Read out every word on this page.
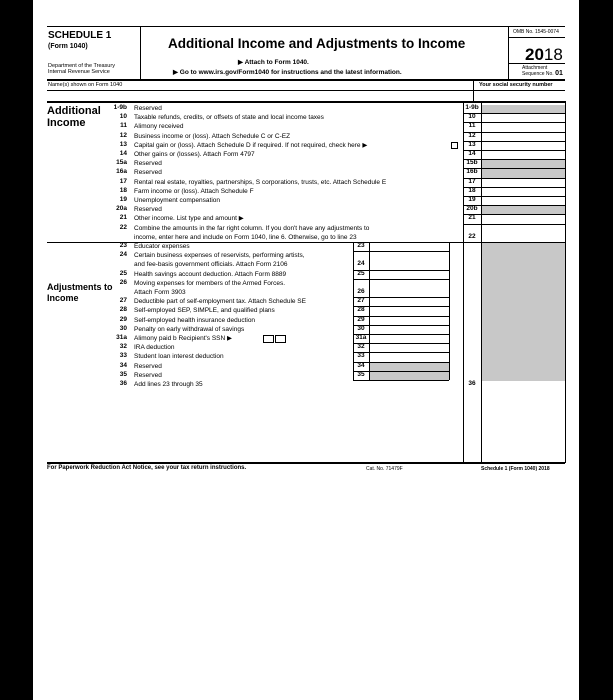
SCHEDULE 1
(Form 1040)
Department of the Treasury
Internal Revenue Service
Additional Income and Adjustments to Income
▶ Attach to Form 1040.
▶ Go to www.irs.gov/Form1040 for instructions and the latest information.
OMB No. 1545-0074
2018
Attachment
Sequence No. 01
Name(s) shown on Form 1040	Your social security number
Additional Income
Adjustments to Income
1-9b Reserved	1-9b
10 Taxable refunds, credits, or offsets of state and local income taxes	10
11 Alimony received	11
12 Business income or (loss). Attach Schedule C or C-EZ	12
13 Capital gain or (loss). Attach Schedule D if required. If not required, check here ▶	13
14 Other gains or (losses). Attach Form 4797	14
15a Reserved	15b
16a Reserved	16b
17 Rental real estate, royalties, partnerships, S corporations, trusts, etc. Attach Schedule E	17
18 Farm income or (loss). Attach Schedule F	18
19 Unemployment compensation	19
20a Reserved	20b
21 Other income. List type and amount ▶	21
22 Combine the amounts in the far right column. If you don't have any adjustments to
income, enter here and include on Form 1040, line 6. Otherwise, go to line 23	22
23 Educator expenses	23
24 Certain business expenses of reservists, performing artists,
and fee-basis government officials. Attach Form 2106	24
25 Health savings account deduction. Attach Form 8889	25
26 Moving expenses for members of the Armed Forces.
Attach Form 3903	26
27 Deductible part of self-employment tax. Attach Schedule SE	27
28 Self-employed SEP, SIMPLE, and qualified plans	28
29 Self-employed health insurance deduction	29
30 Penalty on early withdrawal of savings	30
31a Alimony paid b Recipient's SSN ▶	31a
32 IRA deduction	32
33 Student loan interest deduction	33
34 Reserved	34
35 Reserved	35
36 Add lines 23 through 35	36
For Paperwork Reduction Act Notice, see your tax return instructions.	Cat. No. 71479F	Schedule 1 (Form 1040) 2018
